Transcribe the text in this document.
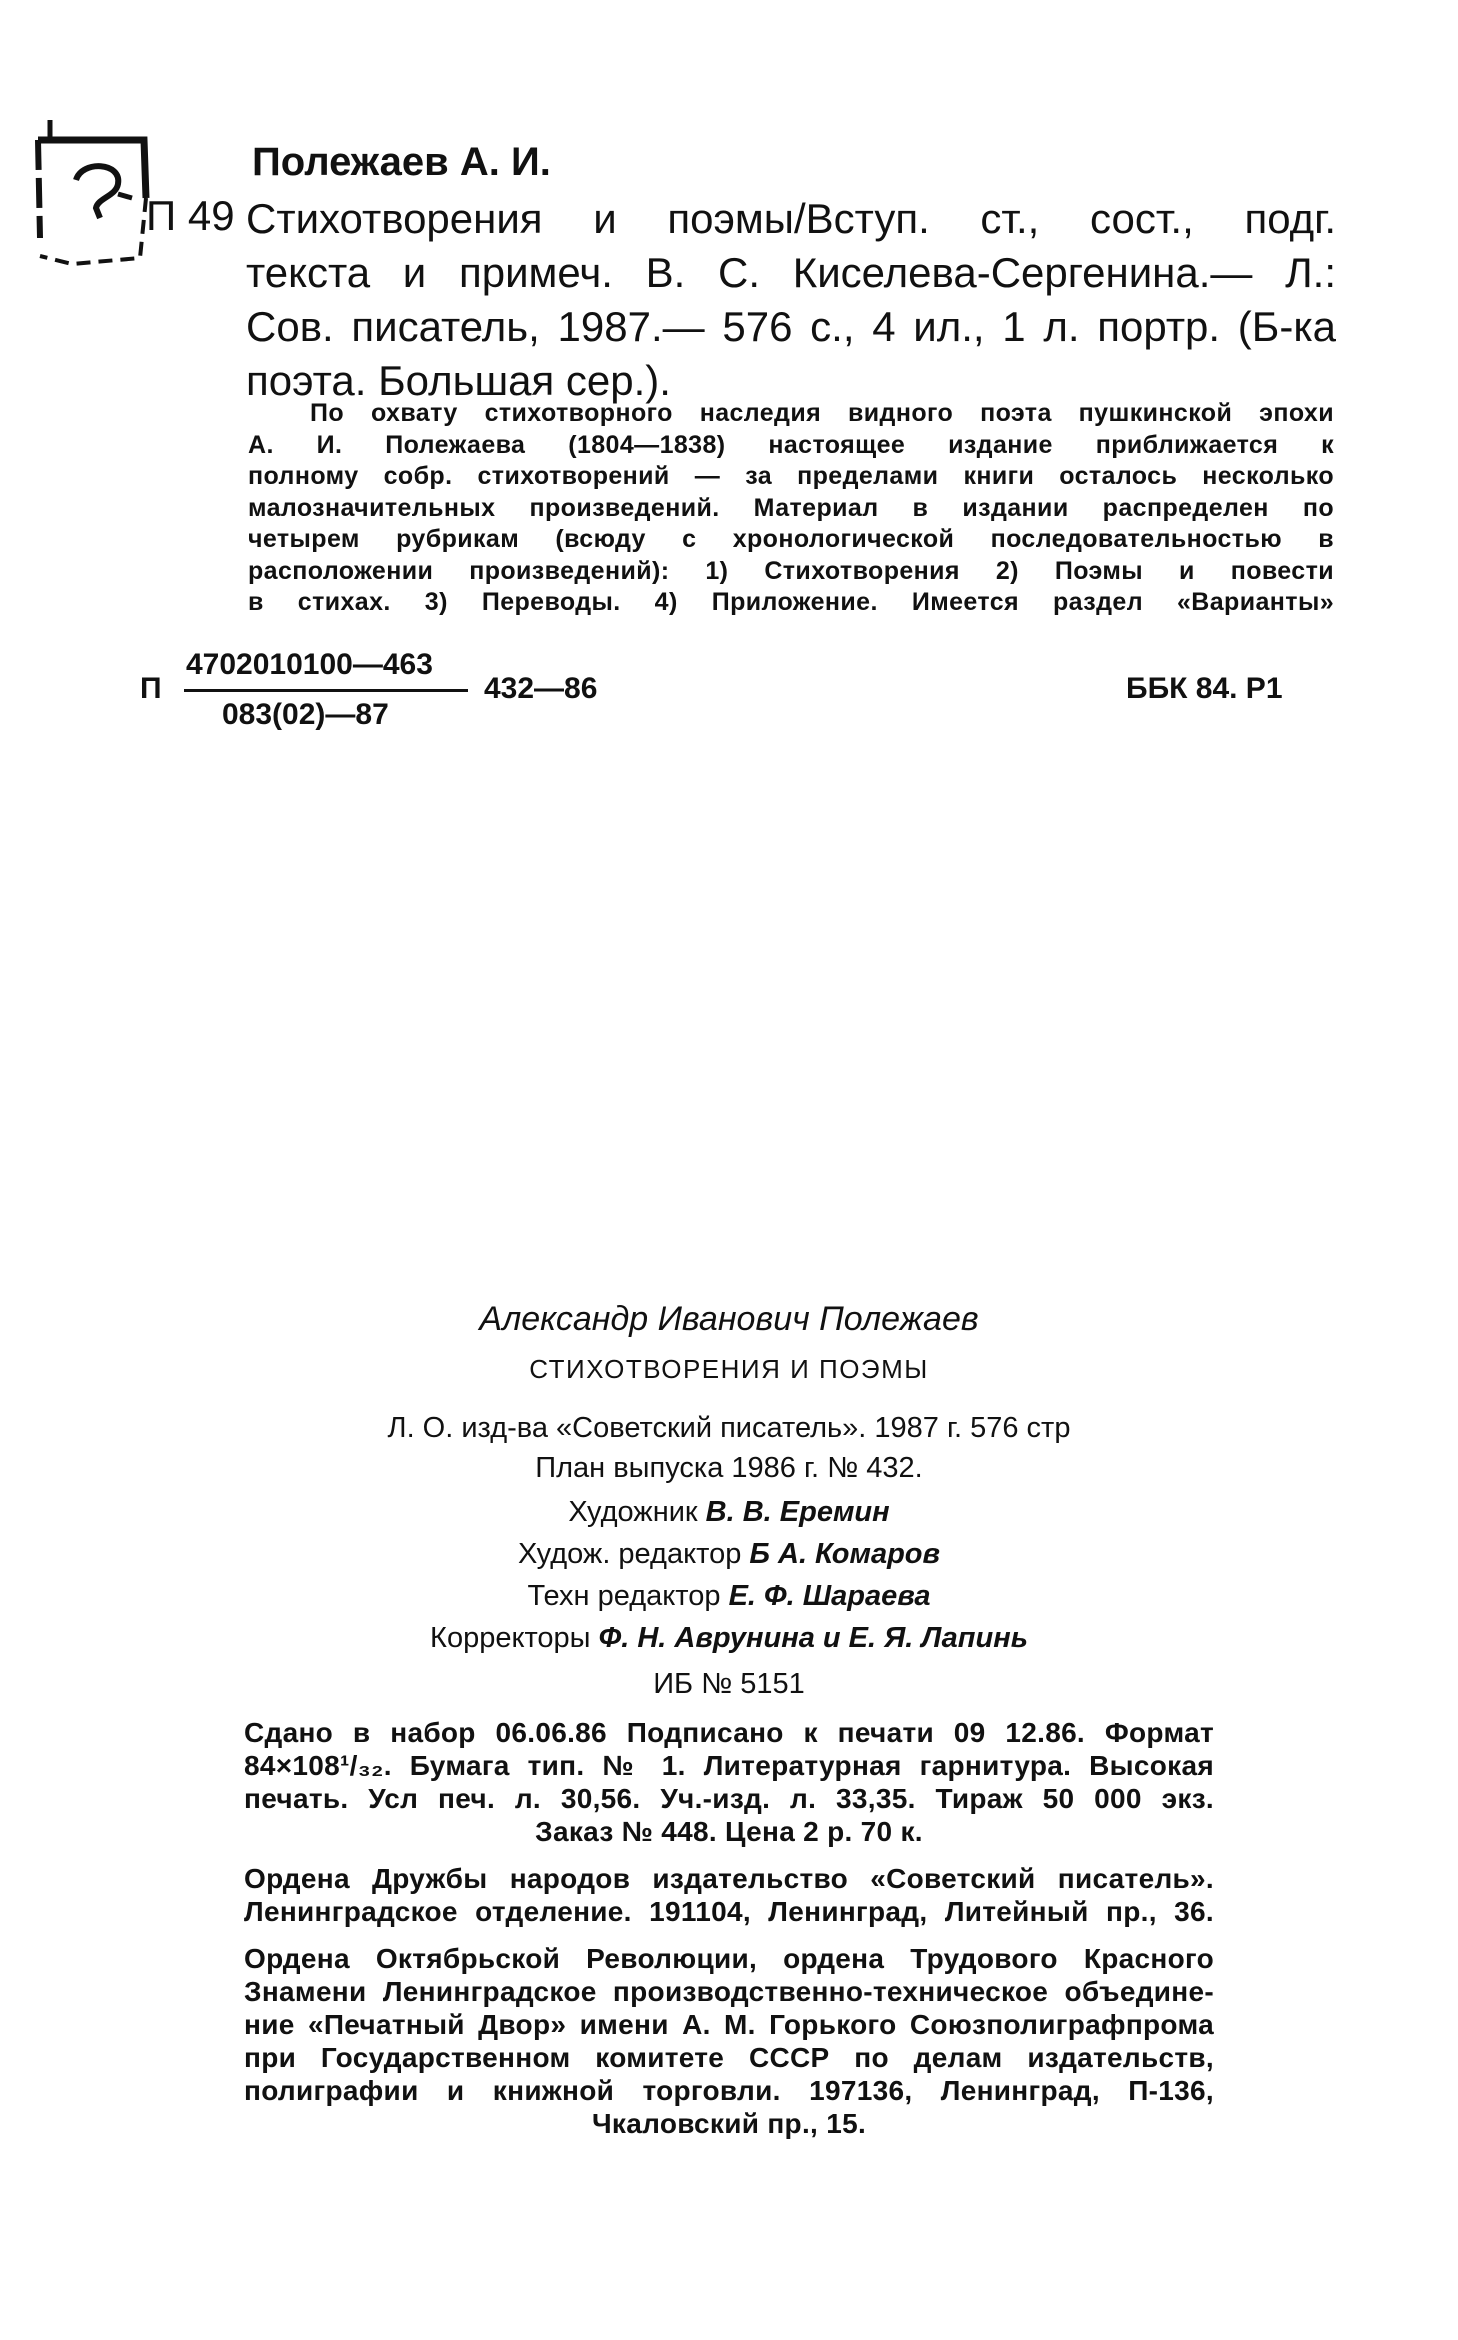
Полежаев А. И.
П 49 Стихотворения и поэмы/Вступ. ст., сост., подг.
текста и примеч. В. С. Киселева-Сергенина.— Л.:
Сов. писатель, 1987.— 576 с., 4 ил., 1 л. портр. (Б-ка
поэта. Большая сер.).
По охвату стихотворного наследия видного поэта пушкинской эпохи
А. И. Полежаева (1804—1838) настоящее издание приближается к
полному собр. стихотворений — за пределами книги осталось несколько
малозначительных произведений. Материал в издании распределен по
четырем рубрикам (всюду с хронологической последовательностью в
расположении произведений): 1) Стихотворения 2) Поэмы и повести
в стихах. 3) Переводы. 4) Приложение. Имеется раздел «Варианты»
П
4702010100—463
083(02)—87
432—86	ББК 84. Р1
Александр Иванович Полежаев
СТИХОТВОРЕНИЯ И ПОЭМЫ
Л. О. изд-ва «Советский писатель». 1987 г. 576 стр
План выпуска 1986 г. № 432.
Художник В. В. Еремин
Худож. редактор Б А. Комаров
Техн редактор Е. Ф. Шараева
Корректоры Ф. Н. Аврунина и Е. Я. Лапинь
ИБ № 5151
Сдано в набор 06.06.86 Подписано к печати 09 12.86. Формат
84×108¹/₃₂. Бумага тип. № 1. Литературная гарнитура. Высокая
печать. Усл печ. л. 30,56. Уч.-изд. л. 33,35. Тираж 50 000 экз.
Заказ № 448. Цена 2 р. 70 к.
Ордена Дружбы народов издательство «Советский писатель».
Ленинградское отделение. 191104, Ленинград, Литейный пр., 36.
Ордена Октябрьской Революции, ордена Трудового Красного
Знамени Ленинградское производственно-техническое объедине-
ние «Печатный Двор» имени А. М. Горького Союзполиграфпрома
при Государственном комитете СССР по делам издательств,
полиграфии и книжной торговли. 197136, Ленинград, П-136,
Чкаловский пр., 15.
